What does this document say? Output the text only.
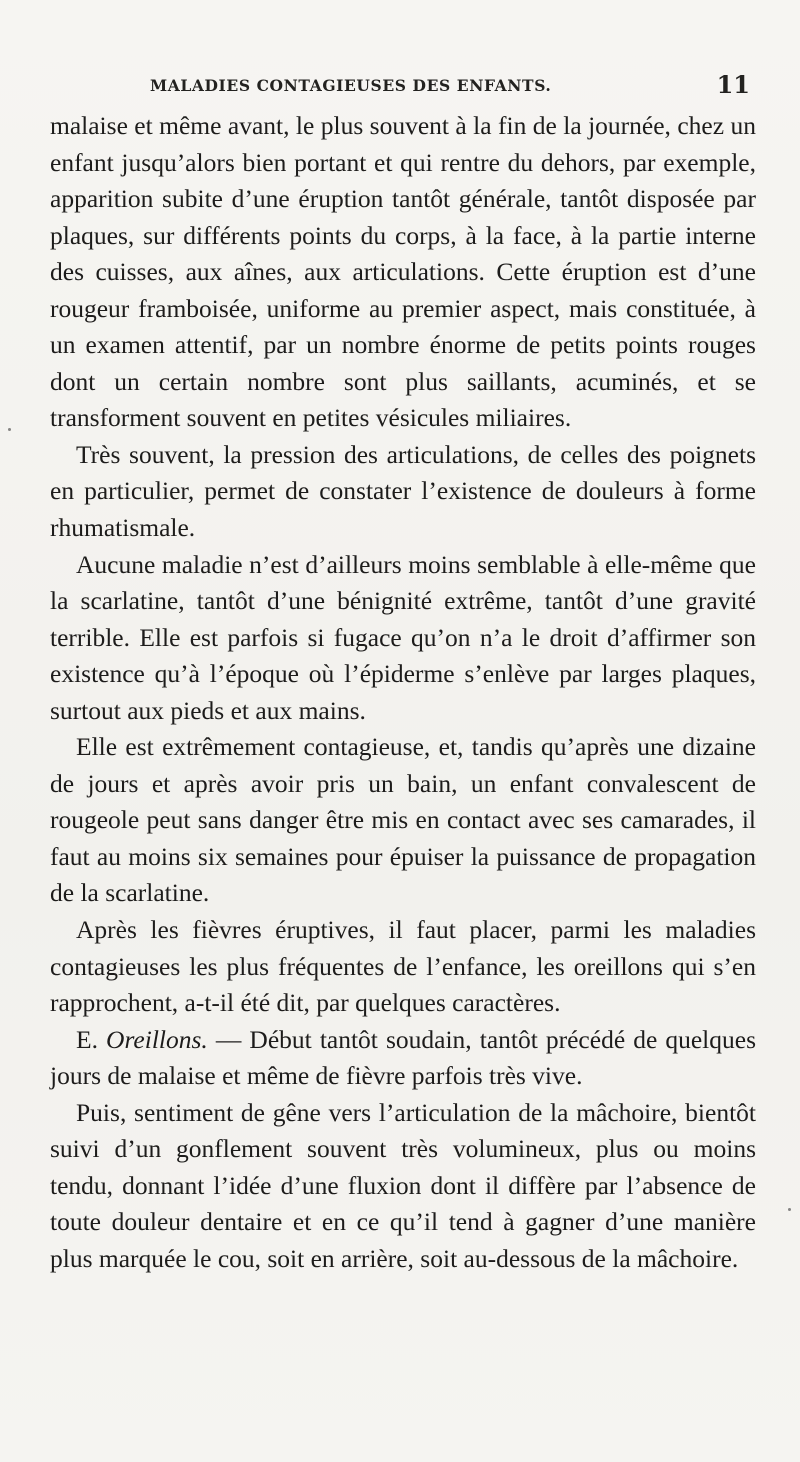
MALADIES CONTAGIEUSES DES ENFANTS.	11

malaise et même avant, le plus souvent à la fin de la journée, chez un enfant jusqu’alors bien portant et qui rentre du dehors, par exemple, apparition subite d’une éruption tantôt générale, tantôt disposée par plaques, sur différents points du corps, à la face, à la partie interne des cuisses, aux aînes, aux articulations. Cette éruption est d’une rougeur framboisée, uniforme au premier aspect, mais constituée, à un examen attentif, par un nombre énorme de petits points rouges dont un certain nombre sont plus saillants, acuminés, et se transforment souvent en petites vésicules miliaires.

Très souvent, la pression des articulations, de celles des poignets en particulier, permet de constater l’existence de douleurs à forme rhumatismale.

Aucune maladie n’est d’ailleurs moins semblable à elle-même que la scarlatine, tantôt d’une bénignité extrême, tantôt d’une gravité terrible. Elle est parfois si fugace qu’on n’a le droit d’affirmer son existence qu’à l’époque où l’épiderme s’enlève par larges plaques, surtout aux pieds et aux mains.

Elle est extrêmement contagieuse, et, tandis qu’après une dizaine de jours et après avoir pris un bain, un enfant convalescent de rougeole peut sans danger être mis en contact avec ses camarades, il faut au moins six semaines pour épuiser la puissance de propagation de la scarlatine.

Après les fièvres éruptives, il faut placer, parmi les maladies contagieuses les plus fréquentes de l’enfance, les oreillons qui s’en rapprochent, a-t-il été dit, par quelques caractères.

E. Oreillons. — Début tantôt soudain, tantôt précédé de quelques jours de malaise et même de fièvre parfois très vive.

Puis, sentiment de gêne vers l’articulation de la mâchoire, bientôt suivi d’un gonflement souvent très volumineux, plus ou moins tendu, donnant l’idée d’une fluxion dont il diffère par l’absence de toute douleur dentaire et en ce qu’il tend à gagner d’une manière plus marquée le cou, soit en arrière, soit au-dessous de la mâchoire.
